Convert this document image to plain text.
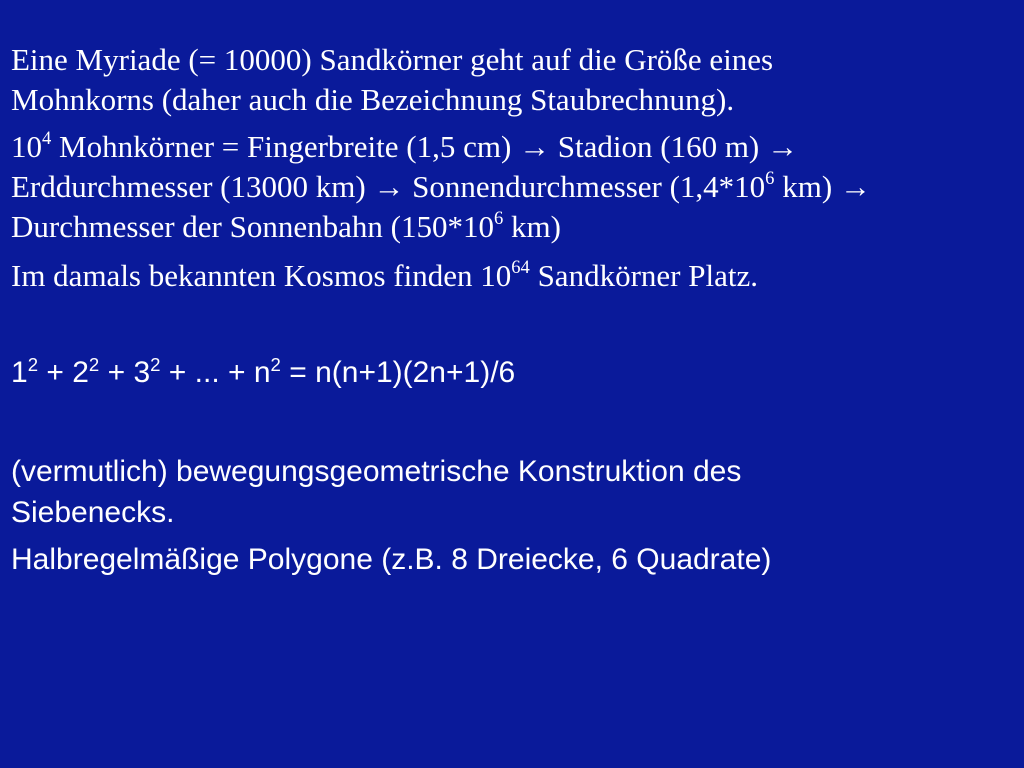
Eine Myriade (= 10000) Sandkörner geht auf die Größe eines
Mohnkorns (daher auch die Bezeichnung Staubrechnung).

$10^4$ Mohnkörner = Fingerbreite (1,5 cm) → Stadion (160 m) →
Erddurchmesser (13000 km) → Sonnendurchmesser ($1,4*10^6$ km) →
Durchmesser der Sonnenbahn ($150*10^6$ km)

Im damals bekannten Kosmos finden $10^{64}$ Sandkörner Platz.

$1^2 + 2^2 + 3^2$ + ... + $n^2 = n(n+1)(2n+1)/6$

(vermutlich) bewegungsgeometrische Konstruktion des
Siebenecks.

Halbregelmäßige Polygone (z.B. 8 Dreiecke, 6 Quadrate)
